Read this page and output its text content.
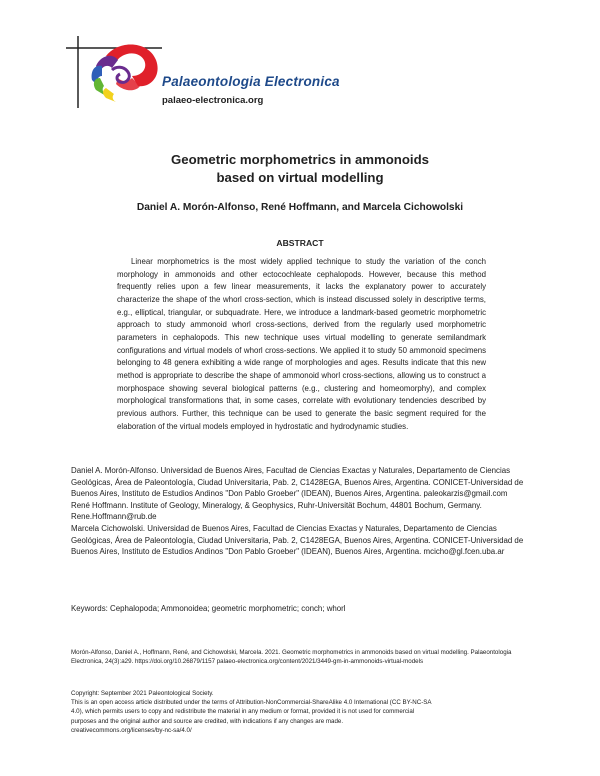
Palaeontologia Electronica
palaeo-electronica.org
Geometric morphometrics in ammonoids
based on virtual modelling
Daniel A. Morón-Alfonso, René Hoffmann, and Marcela Cichowolski
ABSTRACT

Linear morphometrics is the most widely applied technique to study the variation of the conch morphology in ammonoids and other ectocochleate cephalopods. However, because this method frequently relies upon a few linear measurements, it lacks the explanatory power to accurately characterize the shape of the whorl cross-section, which is instead discussed solely in descriptive terms, e.g., elliptical, triangular, or subquadrate. Here, we introduce a landmark-based geometric morphometric approach to study ammonoid whorl cross-sections, derived from the regularly used morphometric parameters in cephalopods. This new technique uses virtual modelling to generate semilandmark configurations and virtual models of whorl cross-sections. We applied it to study 50 ammonoid specimens belonging to 48 genera exhibiting a wide range of morphologies and ages. Results indicate that this new method is appropriate to describe the shape of ammonoid whorl cross-sections, allowing us to construct a morphospace showing several biological patterns (e.g., clustering and homeomorphy), and complex morphological transformations that, in some cases, correlate with evolutionary tendencies described by previous authors. Further, this technique can be used to generate the basic segment required for the elaboration of the virtual models employed in hydrostatic and hydrodynamic studies.

Daniel A. Morón-Alfonso. Universidad de Buenos Aires, Facultad de Ciencias Exactas y Naturales, Departamento de Ciencias Geológicas, Área de Paleontología, Ciudad Universitaria, Pab. 2, C1428EGA, Buenos Aires, Argentina. CONICET-Universidad de Buenos Aires, Instituto de Estudios Andinos "Don Pablo Groeber" (IDEAN), Buenos Aires, Argentina. paleokarzis@gmail.com

René Hoffmann. Institute of Geology, Mineralogy, & Geophysics, Ruhr-Universität Bochum, 44801 Bochum, Germany. Rene.Hoffmann@rub.de

Marcela Cichowolski. Universidad de Buenos Aires, Facultad de Ciencias Exactas y Naturales, Departamento de Ciencias Geológicas, Área de Paleontología, Ciudad Universitaria, Pab. 2, C1428EGA, Buenos Aires, Argentina. CONICET-Universidad de Buenos Aires, Instituto de Estudios Andinos "Don Pablo Groeber" (IDEAN), Buenos Aires, Argentina. mcicho@gl.fcen.uba.ar

Keywords: Cephalopoda; Ammonoidea; geometric morphometric; conch; whorl

Morón-Alfonso, Daniel A., Hoffmann, René, and Cichowolski, Marcela. 2021. Geometric morphometrics in ammonoids based on virtual modelling. Palaeontologia Electronica, 24(3):a29. https://doi.org/10.26879/1157 palaeo-electronica.org/content/2021/3449-gm-in-ammonoids-virtual-models

Copyright: September 2021 Paleontological Society.
This is an open access article distributed under the terms of Attribution-NonCommercial-ShareAlike 4.0 International (CC BY-NC-SA
4.0), which permits users to copy and redistribute the material in any medium or format, provided it is not used for commercial
purposes and the original author and source are credited, with indications if any changes are made.
creativecommons.org/licenses/by-nc-sa/4.0/
